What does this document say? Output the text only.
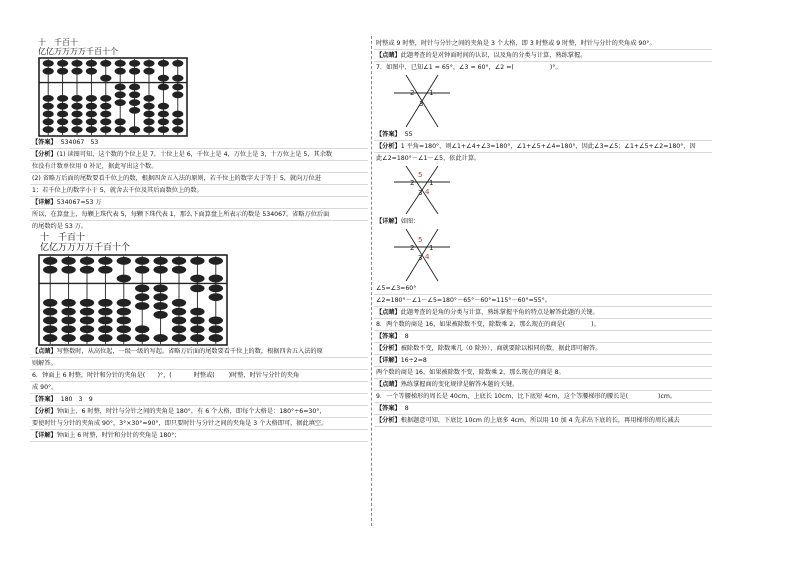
十　千百十
亿亿万万万万千百十个
【答案】 534067　53
【分析】(1) 读图可知，这个数的个位上是 7，十位上是 6，千位上是 4，万位上是 3，十万位上是 5，其余数
位没有计数单位用 0 补足，据此写出这个数。
(2) 省略万后面的尾数要看千位上的数，根据四舍五入法的原则，若千位上的数字大于等于 5，就向万位进
1；若千位上的数字小于 5，就舍去千位及其后面数位上的数。
【详解】534067≈53 万
所以，在算盘上，每颗上珠代表 5，每颗下珠代表 1，那么下面算盘上所表示的数是 534067，省略万位后面
的尾数约是 53 万。
十　千百十
亿亿万万万万千百十个
【点睛】写整数时，从高位起，一级一级的写起。省略万后面的尾数要看千位上的数，根据四舍五入法的原
则解答。
6．钟面上 6 时整，时针和分针的夹角是(　　)°，(	时整或( )时整，时针与分针的夹角
成 90°。
【答案】 180　3　9
【分析】钟面上，6 时整，时针与分针之间的夹角是 180°，有 6 个大格，即每个大格是：180°÷6=30°，
要使时针与分针的夹角成 90°，3°×30°=90°，即只要时针与分针之间的夹角是 3 个大格即可，据此填空。
【详解】钟面上 6 时整，时针和分针的夹角是 180°；
时整或 9 时整，时针与分针之间的夹角是 3 个大格，即 3 时整或 9 时整，时针与分针的夹角成 90°。
【点睛】此题考查的是对钟面时间的认识，以及角的分类与计算，熟练掌握。
7．如图中，已知∠1 = 65°，∠3 = 60°，∠2 =(	)°。
2 1
3
【答案】 55
【分析】1 平角=180°，则∠1+∠4+∠3=180°，∠1+∠5+∠4=180°，因此∠3=∠5；∠1+∠5+∠2=180°，因
此∠2=180°－∠1－∠5，依此计算。
5
2 1
3 4
【详解】如图：
5
2 1
3 4
∠5=∠3=60°
∠2=180°－∠1－∠5=180°－65°－60°=115°－60°=55°。
【点睛】此题考查的是角的分类与计算，熟练掌握平角的特点是解答此题的关键。
8．两个数的商是 16，如果被除数不变，除数乘 2，那么现在的商是(	)。
【答案】 8
【分析】被除数不变，除数乘几（0 除外），商就要除以相同的数，据此即可解答。
【详解】16÷2=8
两个数的商是 16，如果被除数不变，除数乘 2，那么现在的商是 8。
【点睛】熟练掌握商的变化规律是解答本题的关键。
9．一个等腰梯形的周长是 40cm，上底长 10cm，比下底短 4cm，这个等腰梯形的腰长是(	)cm。
【答案】 8
【分析】根据题意可知，下底比 10cm 的上底多 4cm，所以用 10 加 4 先求出下底的长，再用梯形的周长减去
